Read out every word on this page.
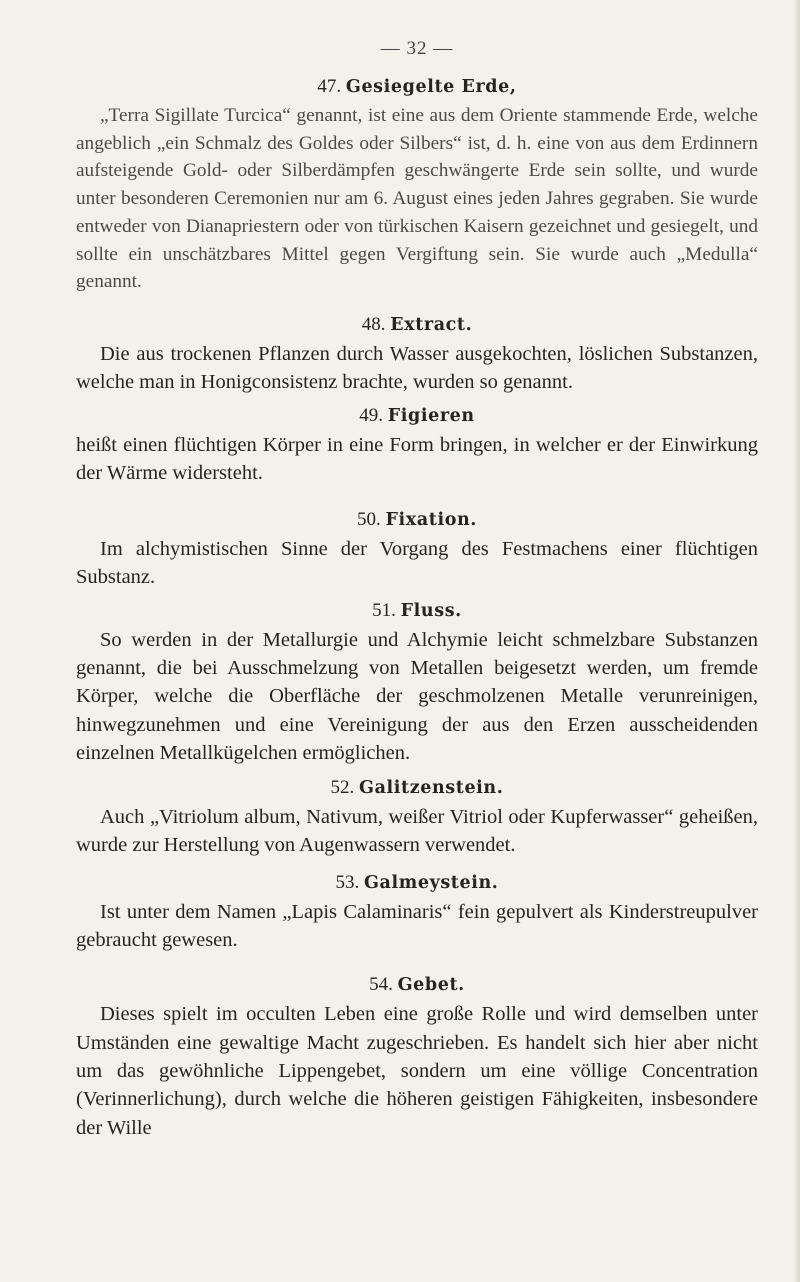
— 32 —
47. Gesiegelte Erde,

„Terra Sigillate Turcica“ genannt, ist eine aus dem Oriente stammende Erde, welche angeblich „ein Schmalz des Goldes oder Silbers“ ist, d. h. eine von aus dem Erdinnern aufsteigende Gold- oder Silberdämpfen geschwängerte Erde sein sollte, und wurde unter besonderen Ceremonien nur am 6. August eines jeden Jahres gegraben. Sie wurde entweder von Dianapriestern oder von türkischen Kaisern gezeichnet und gesiegelt, und sollte ein unschätzbares Mittel gegen Vergiftung sein. Sie wurde auch „Medulla“ genannt.

48. Extract.

Die aus trockenen Pflanzen durch Wasser ausgekochten, löslichen Substanzen, welche man in Honigconsistenz brachte, wurden so genannt.

49. Figieren

heißt einen flüchtigen Körper in eine Form bringen, in welcher er der Einwirkung der Wärme widersteht.

50. Fixation.

Im alchymistischen Sinne der Vorgang des Festmachens einer flüchtigen Substanz.

51. Fluss.

So werden in der Metallurgie und Alchymie leicht schmelzbare Substanzen genannt, die bei Ausschmelzung von Metallen beigesetzt werden, um fremde Körper, welche die Oberfläche der geschmolzenen Metalle verunreinigen, hinwegzunehmen und eine Vereinigung der aus den Erzen ausscheidenden einzelnen Metallkügelchen ermöglichen.

52. Galitzenstein.

Auch „Vitriolum album, Nativum, weißer Vitriol oder Kupferwasser“ geheißen, wurde zur Herstellung von Augenwassern verwendet.

53. Galmeystein.

Ist unter dem Namen „Lapis Calaminaris“ fein gepulvert als Kinderstreupulver gebraucht gewesen.

54. Gebet.

Dieses spielt im occulten Leben eine große Rolle und wird demselben unter Umständen eine gewaltige Macht zugeschrieben. Es handelt sich hier aber nicht um das gewöhnliche Lippengebet, sondern um eine völlige Concentration (Verinnerlichung), durch welche die höheren geistigen Fähigkeiten, insbesondere der Wille
